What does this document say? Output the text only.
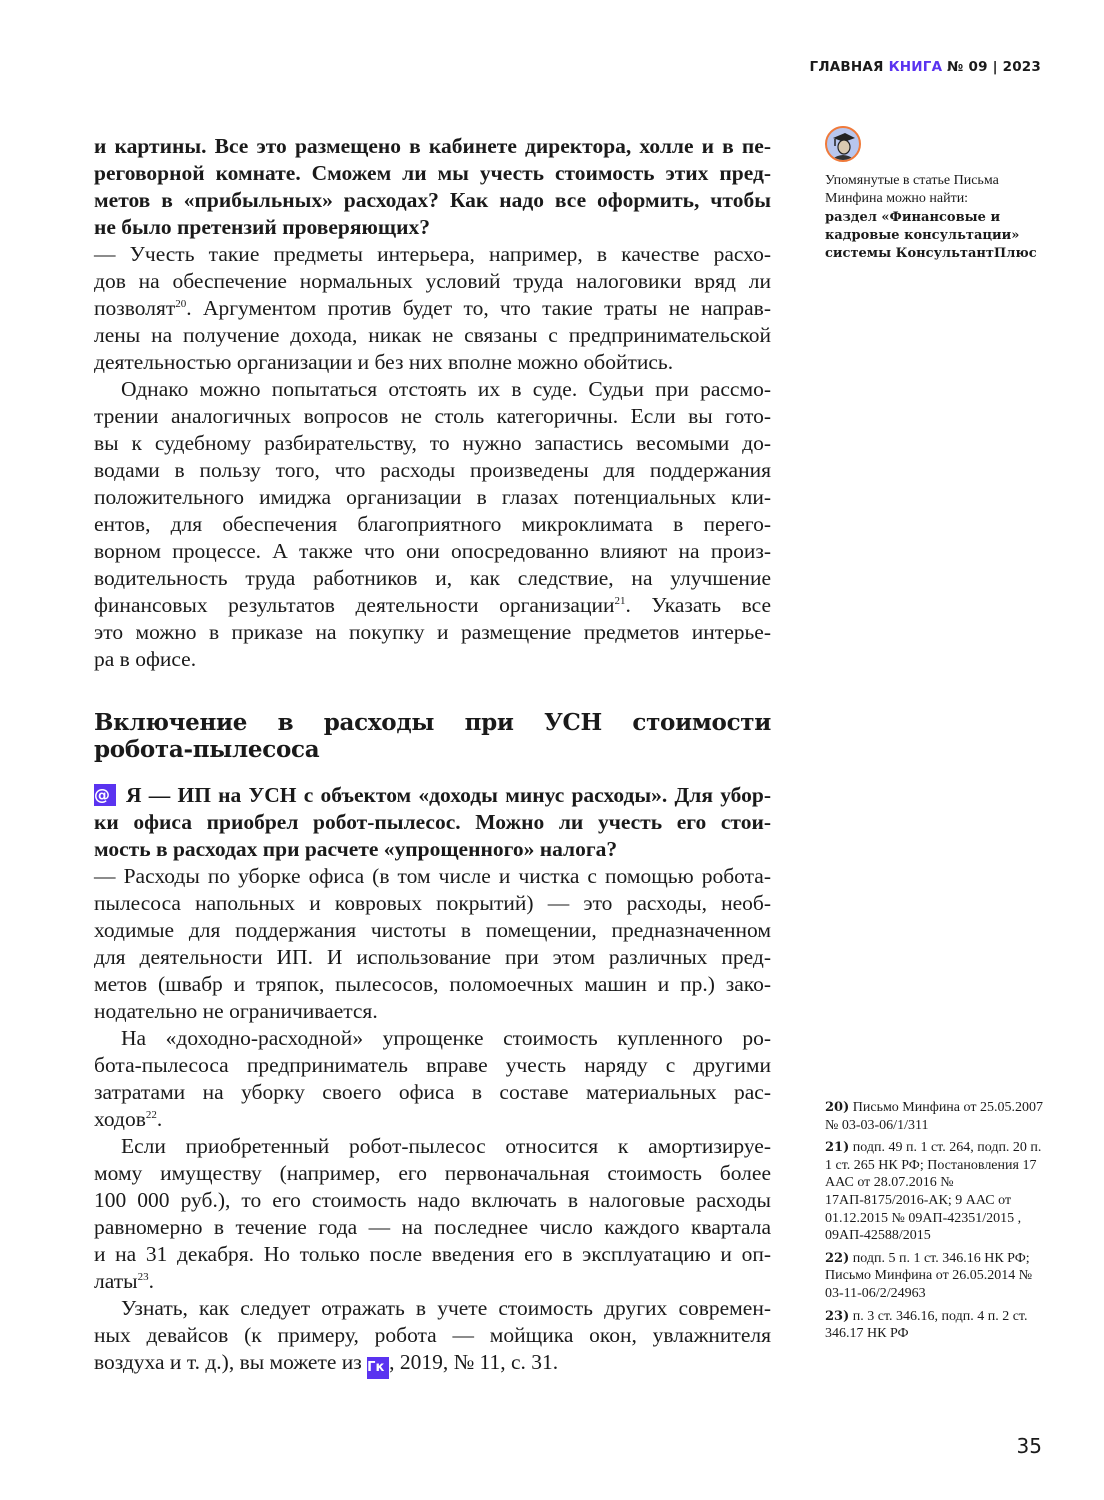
ГЛАВНАЯ КНИГА № 09 | 2023
и картины. Все это размещено в кабинете директора, холле и в пе-
реговорной комнате. Сможем ли мы учесть стоимость этих пред-
метов в «прибыльных» расходах? Как надо все оформить, чтобы
не было претензий проверяющих?
— Учесть такие предметы интерьера, например, в качестве расхо-
дов на обеспечение нормальных условий труда налоговики вряд ли
позволят$^{20}$. Аргументом против будет то, что такие траты не направ-
лены на получение дохода, никак не связаны с предпринимательской
деятельностью организации и без них вполне можно обойтись.
Однако можно попытаться отстоять их в суде. Судьи при рассмо-
трении аналогичных вопросов не столь категоричны. Если вы гото-
вы к судебному разбирательству, то нужно запастись весомыми до-
водами в пользу того, что расходы произведены для поддержания
положительного имиджа организации в глазах потенциальных кли-
ентов, для обеспечения благоприятного микроклимата в перего-
ворном процессе. А также что они опосредованно влияют на произ-
водительность труда работников и, как следствие, на улучшение
финансовых результатов деятельности организации$^{21}$. Указать все
это можно в приказе на покупку и размещение предметов интерье-
ра в офисе.
Включение в расходы при УСН стоимости
робота-пылесоса
@ Я — ИП на УСН с объектом «доходы минус расходы». Для убор-
ки офиса приобрел робот-пылесос. Можно ли учесть его стои-
мость в расходах при расчете «упрощенного» налога?
— Расходы по уборке офиса (в том числе и чистка с помощью робота-
пылесоса напольных и ковровых покрытий) — это расходы, необ-
ходимые для поддержания чистоты в помещении, предназначенном
для деятельности ИП. И использование при этом различных пред-
метов (швабр и тряпок, пылесосов, поломоечных машин и пр.) зако-
нодательно не ограничивается.
На «доходно-расходной» упрощенке стоимость купленного ро-
бота-пылесоса предприниматель вправе учесть наряду с другими
затратами на уборку своего офиса в составе материальных рас-
ходов$^{22}$.
Если приобретенный робот-пылесос относится к амортизируе-
мому имуществу (например, его первоначальная стоимость более
100 000 руб.), то его стоимость надо включать в налоговые расходы
равномерно в течение года — на последнее число каждого квартала
и на 31 декабря. Но только после введения его в эксплуатацию и оп-
латы$^{23}$.
Узнать, как следует отражать в учете стоимость других современ-
ных девайсов (к примеру, робота — мойщика окон, увлажнителя
воздуха и т. д.), вы можете из Гк , 2019, № 11, с. 31.
Упомянутые в статье Письма Минфина можно найти:
раздел «Финансовые и кадровые консультации» системы КонсультантПлюс
20) Письмо Минфина от 25.05.2007 № 03-03-06/1/311
21) подп. 49 п. 1 ст. 264, подп. 20 п. 1 ст. 265 НК РФ; Постановления 17 ААС от 28.07.2016 № 17АП-8175/2016-АК; 9 ААС от 01.12.2015 № 09АП-42351/2015 , 09АП-42588/2015
22) подп. 5 п. 1 ст. 346.16 НК РФ; Письмо Минфина от 26.05.2014 № 03-11-06/2/24963
23) п. 3 ст. 346.16, подп. 4 п. 2 ст. 346.17 НК РФ
35
